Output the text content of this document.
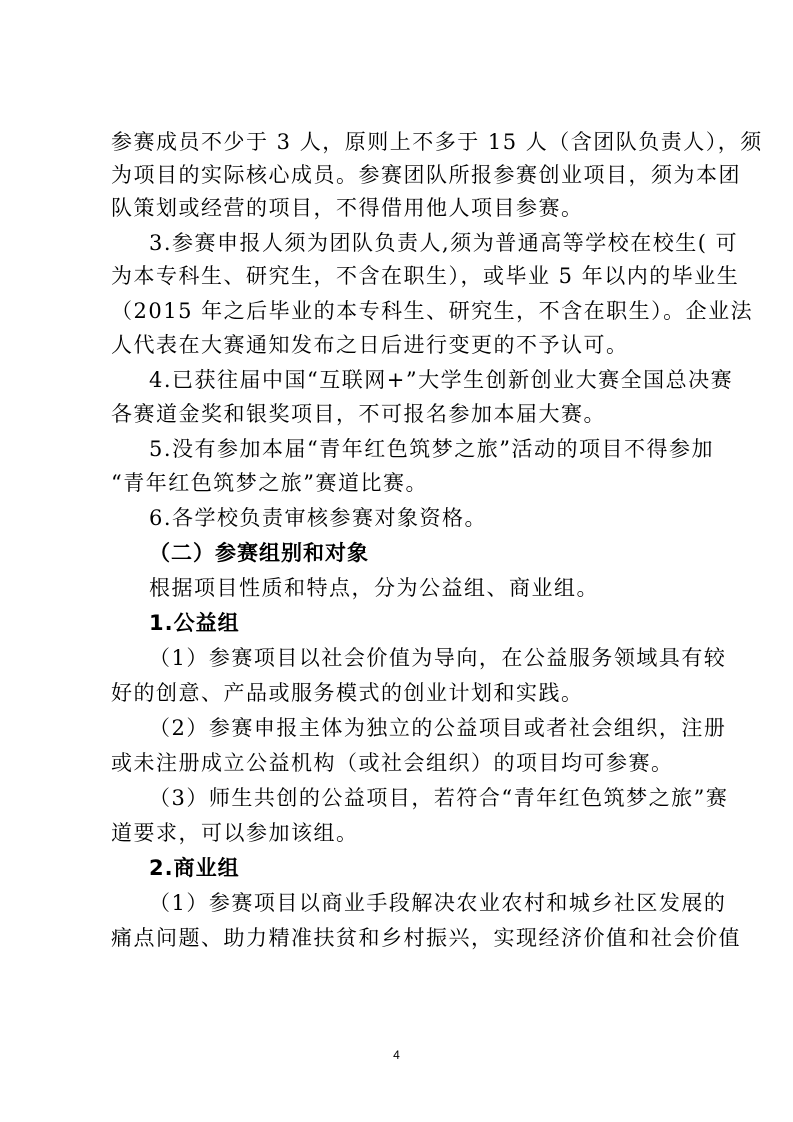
参赛成员不少于 3 人，原则上不多于 15 人（含团队负责人），须
为项目的实际核心成员。参赛团队所报参赛创业项目，须为本团
队策划或经营的项目，不得借用他人项目参赛。
3.参赛申报人须为团队负责人,须为普通高等学校在校生( 可
为本专科生、研究生，不含在职生），或毕业 5 年以内的毕业生
（2015 年之后毕业的本专科生、研究生，不含在职生）。企业法
人代表在大赛通知发布之日后进行变更的不予认可。
4.已获往届中国“互联网+”大学生创新创业大赛全国总决赛
各赛道金奖和银奖项目，不可报名参加本届大赛。
5.没有参加本届“青年红色筑梦之旅”活动的项目不得参加
“青年红色筑梦之旅”赛道比赛。
6.各学校负责审核参赛对象资格。
（二）参赛组别和对象
根据项目性质和特点，分为公益组、商业组。
1.公益组
（1）参赛项目以社会价值为导向，在公益服务领域具有较
好的创意、产品或服务模式的创业计划和实践。
（2）参赛申报主体为独立的公益项目或者社会组织，注册
或未注册成立公益机构（或社会组织）的项目均可参赛。
（3）师生共创的公益项目，若符合“青年红色筑梦之旅”赛
道要求，可以参加该组。
2.商业组
（1）参赛项目以商业手段解决农业农村和城乡社区发展的
痛点问题、助力精准扶贫和乡村振兴，实现经济价值和社会价值
4
